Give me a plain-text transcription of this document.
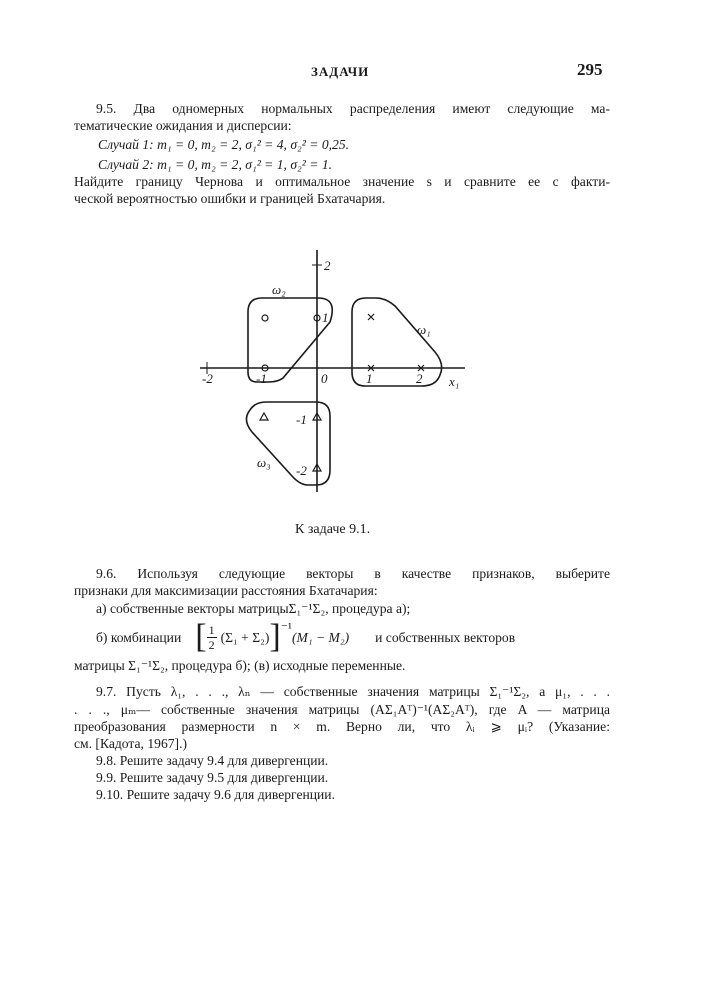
ЗАДАЧИ	295
9.5. Два одномерных нормальных распределения имеют следующие ма-
тематические ожидания и дисперсии:
Случай 1: m₁ = 0, m₂ = 2, σ₁² = 4, σ₂² = 0,25.
Случай 2: m₁ = 0, m₂ = 2, σ₁² = 1, σ₂² = 1.
Найдите границу Чернова и оптимальное значение s и сравните ее с факти-
ческой вероятностью ошибки и границей Бхатачария.
ω₂
ω₁
ω₃
x₁
2
1
-1
-2
-2	-1	0	1	2
К задаче 9.1.
9.6. Используя следующие векторы в качестве признаков, выберите
признаки для максимизации расстояния Бхатачария:
а) собственные векторы матрицыΣ₁⁻¹Σ₂, процедура а);
б) комбинации [ $\frac{1}{2} (\Sigma_1 + \Sigma_2)$ ] ⁻¹
(M₁ − M₂) и собственных векторов
матрицы Σ₁⁻¹Σ₂, процедура б); (в) исходные переменные.
9.7. Пусть λ₁, . . ., λₙ — собственные значения матрицы Σ₁⁻¹Σ₂, а μ₁, . . .
. . ., μₘ— собственные значения матрицы (AΣ₁Aᵀ)⁻¹(AΣ₂Aᵀ), где A — матрица
преобразования размерности n × m. Верно ли, что λᵢ ⩾ μᵢ? (Указание:
см. [Кадота, 1967].)
9.8. Решите задачу 9.4 для дивергенции.
9.9. Решите задачу 9.5 для дивергенции.
9.10. Решите задачу 9.6 для дивергенции.
